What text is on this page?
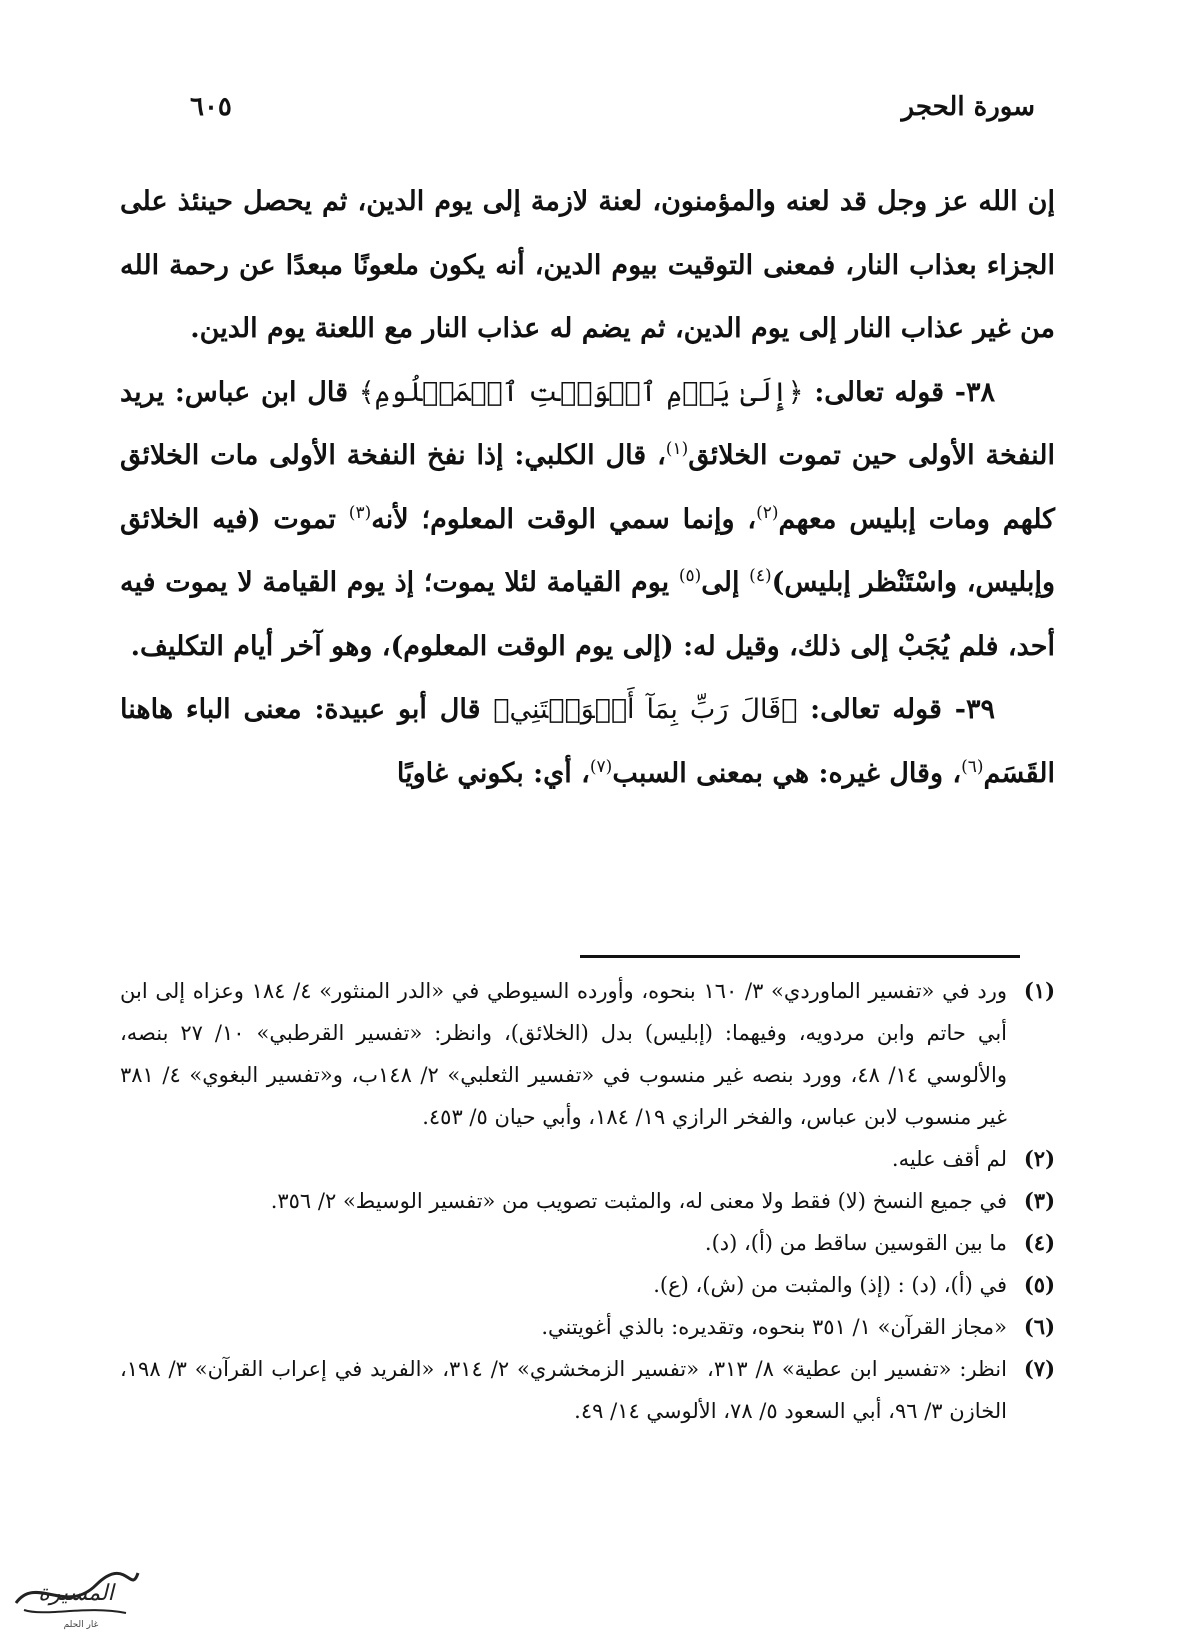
سورة الحجر
٦٠٥

إن الله عز وجل قد لعنه والمؤمنون، لعنة لازمة إلى يوم الدين، ثم يحصل حينئذ على الجزاء بعذاب النار، فمعنى التوقيت بيوم الدين، أنه يكون ملعونًا مبعدًا عن رحمة الله من غير عذاب النار إلى يوم الدين، ثم يضم له عذاب النار مع اللعنة يوم الدين.

٣٨- قوله تعالى: ﴿إِلَىٰ يَوۡمِ ٱلۡوَقۡتِ ٱلۡمَعۡلُومِ﴾ قال ابن عباس: يريد النفخة الأولى حين تموت الخلائق$^{(١)}$، قال الكلبي: إذا نفخ النفخة الأولى مات الخلائق كلهم ومات إبليس معهم$^{(٢)}$، وإنما سمي الوقت المعلوم؛ لأنه$^{(٣)}$ تموت (فيه الخلائق وإبليس، واسْتَنْظر إبليس)$^{(٤)}$ إلى$^{(٥)}$ يوم القيامة لئلا يموت؛ إذ يوم القيامة لا يموت فيه أحد، فلم يُجَبْ إلى ذلك، وقيل له: (إلى يوم الوقت المعلوم)، وهو آخر أيام التكليف.

٣٩- قوله تعالى: ﴿قَالَ رَبِّ بِمَآ أَغۡوَيۡتَنِي﴾ قال أبو عبيدة: معنى الباء هاهنا القَسَم$^{(٦)}$، وقال غيره: هي بمعنى السبب$^{(٧)}$، أي: بكوني غاويًا

(١)
ورد في «تفسير الماوردي» ٣/ ١٦٠ بنحوه، وأورده السيوطي في «الدر المنثور» ٤/ ١٨٤ وعزاه إلى ابن أبي حاتم وابن مردويه، وفيهما: (إبليس) بدل (الخلائق)، وانظر: «تفسير القرطبي» ١٠/ ٢٧ بنصه، والألوسي ١٤/ ٤٨، وورد بنصه غير منسوب في «تفسير الثعلبي» ٢/ ١٤٨ب، و«تفسير البغوي» ٤/ ٣٨١ غير منسوب لابن عباس، والفخر الرازي ١٩/ ١٨٤، وأبي حيان ٥/ ٤٥٣.
(٢)
لم أقف عليه.
(٣)
في جميع النسخ (لا) فقط ولا معنى له، والمثبت تصويب من «تفسير الوسيط» ٢/ ٣٥٦.
(٤)
ما بين القوسين ساقط من (أ)، (د).
(٥)
في (أ)، (د) : (إذ) والمثبت من (ش)، (ع).
(٦)
«مجاز القرآن» ١/ ٣٥١ بنحوه، وتقديره: بالذي أغويتني.
(٧)
انظر: «تفسير ابن عطية» ٨/ ٣١٣، «تفسير الزمخشري» ٢/ ٣١٤، «الفريد في إعراب القرآن» ٣/ ١٩٨، الخازن ٣/ ٩٦، أبي السعود ٥/ ٧٨، الألوسي ١٤/ ٤٩.
المسيرة
غار الحلم
